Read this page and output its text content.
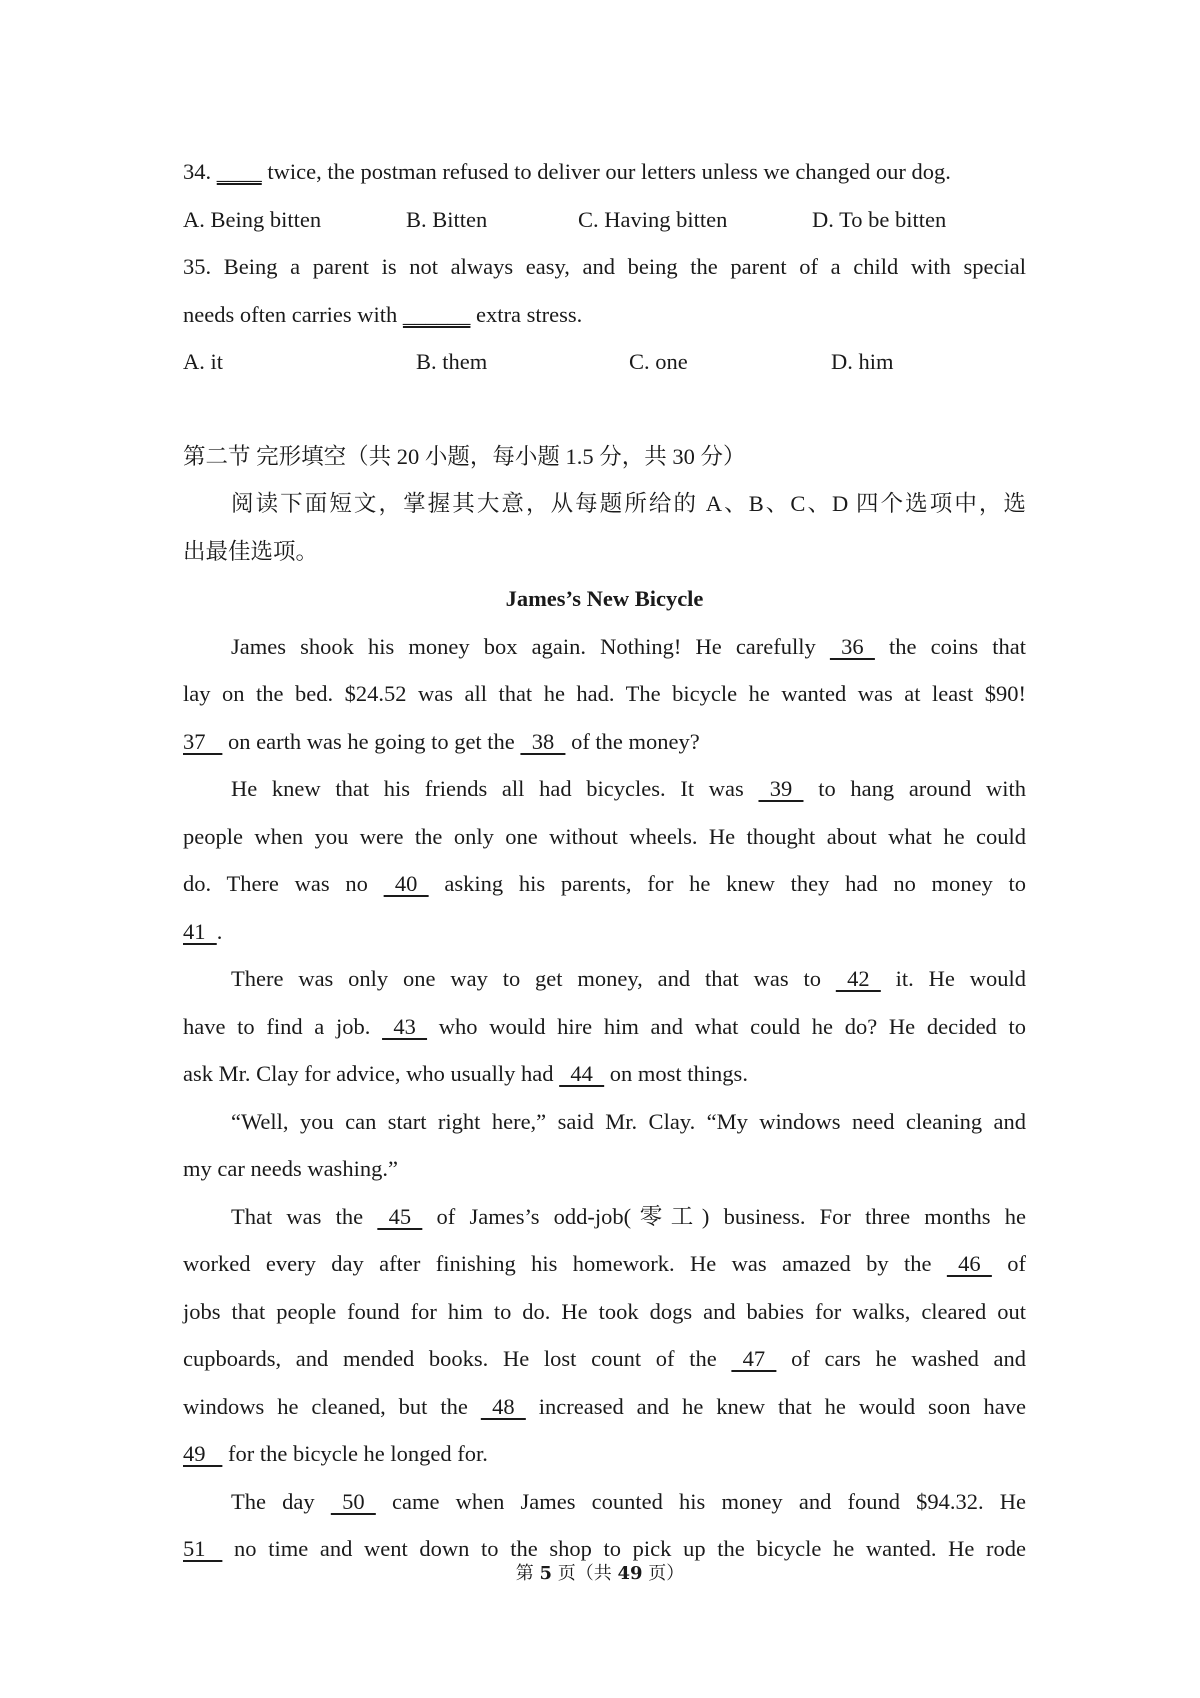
34. ____ twice, the postman refused to deliver our letters unless we changed our dog.
A. Being bitten	B. Bitten	C. Having bitten	D. To be bitten
35. Being a parent is not always easy, and being the parent of a child with special
needs often carries with ______ extra stress.
A. it	B. them	C. one	D. him
第二节 完形填空（共 20 小题，每小题 1.5 分，共 30 分）
阅读下面短文，掌握其大意，从每题所给的 A、B、C、D 四个选项中，选
出最佳选项。
James’s New Bicycle
James shook his money box again. Nothing! He carefully   36   the coins that
lay on the bed. $24.52 was all that he had. The bicycle he wanted was at least $90!
37    on earth was he going to get the   38   of the money?
He knew that his friends all had bicycles. It was   39   to hang around with
people when you were the only one without wheels. He thought about what he could
do. There was no   40   asking his parents, for he knew they had no money to
41  .
There was only one way to get money, and that was to   42   it. He would
have to find a job.   43   who would hire him and what could he do? He decided to
ask Mr. Clay for advice, who usually had   44   on most things.
“Well, you can start right here,” said Mr. Clay. “My windows need cleaning and
my car needs washing.”
That was the   45   of James’s odd-job(零工) business. For three months he
worked every day after finishing his homework. He was amazed by the   46   of
jobs that people found for him to do. He took dogs and babies for walks, cleared out
cupboards, and mended books. He lost count of the   47   of cars he washed and
windows he cleaned, but the   48   increased and he knew that he would soon have
49    for the bicycle he longed for.
The day   50   came when James counted his money and found $94.32. He
51    no time and went down to the shop to pick up the bicycle he wanted. He rode
第 5 页（共 49 页）
